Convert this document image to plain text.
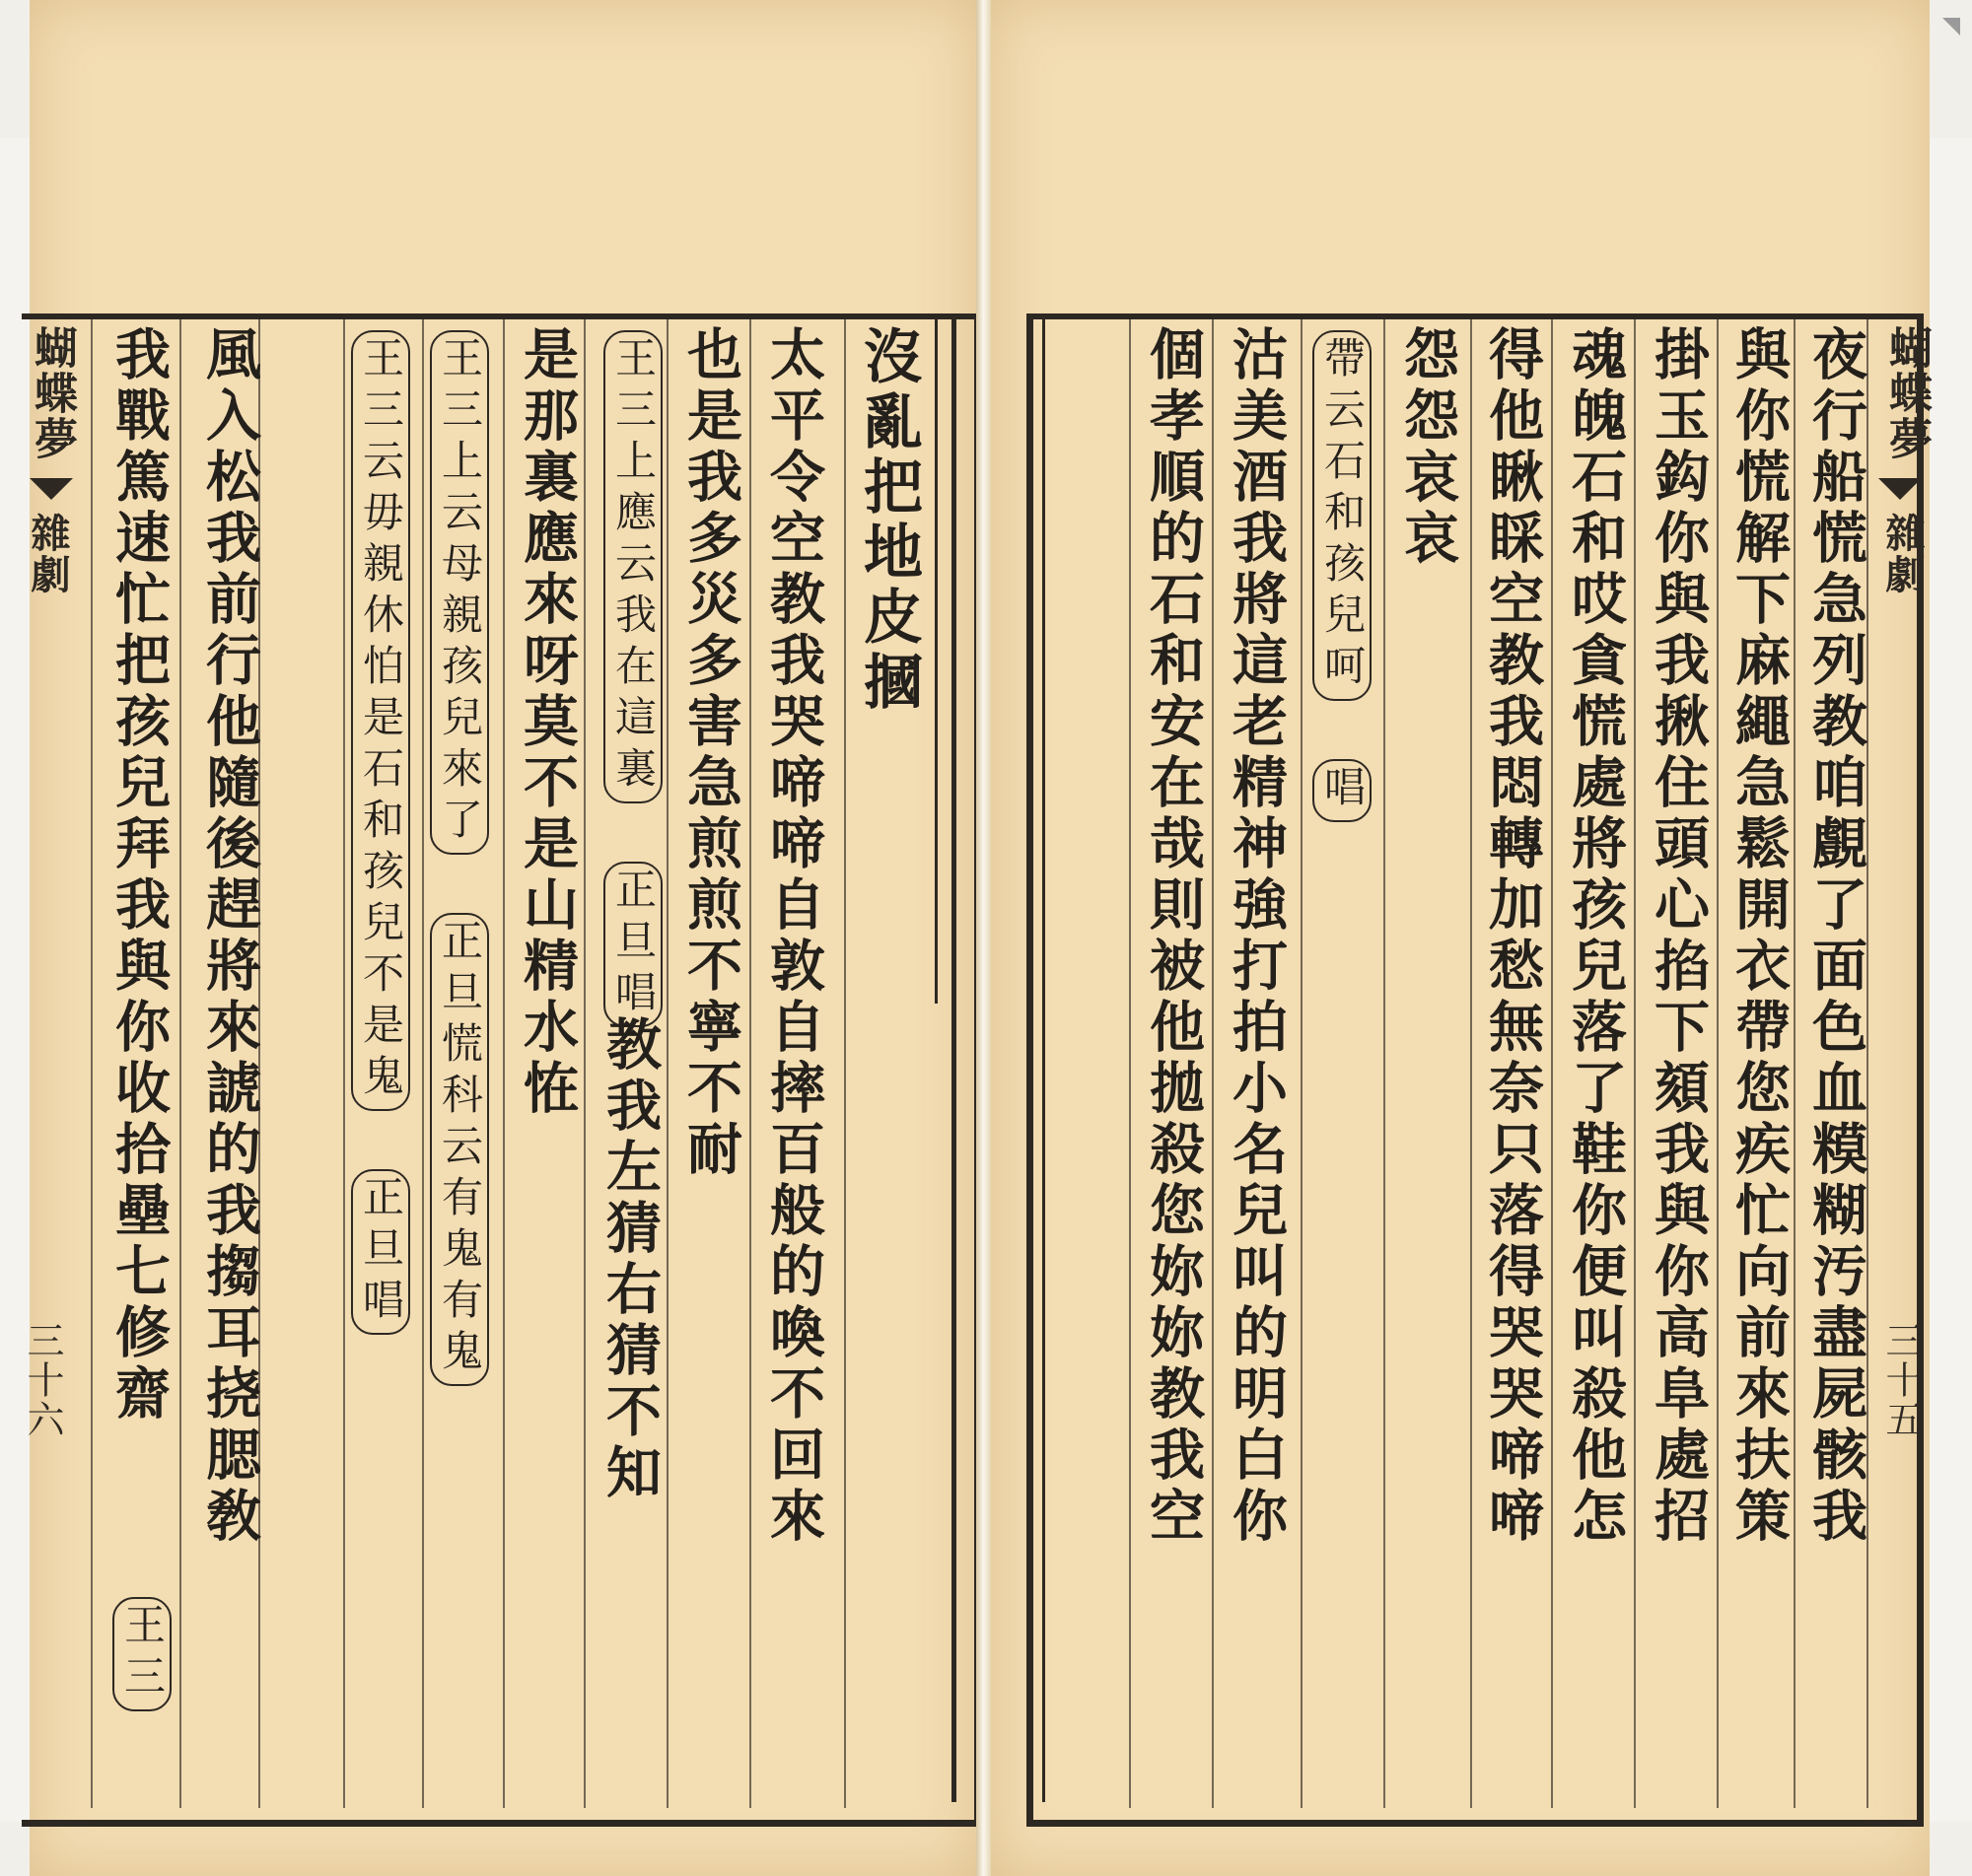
蝴蝶夢
雜劇
三十六
沒亂把地皮摑
太平令空教我哭啼啼自敦自摔百般的喚不回來
也是我多災多害急煎煎不寧不耐
王三上應云我在這裏 正旦唱
教我左猜右猜不知
是那裏應來呀莫不是山精水恠
王三上云母親孩兒來了 正旦慌科云有鬼有鬼
王三云毋親休怕是石和孩兒不是鬼 正旦唱
風入松我前行他隨後趕將來諕的我搊耳挠腮敎
我戰篤速忙把孩兒拜我與你收拾壘七修齋
王三
蝴蝶夢
雜劇
三十五
夜行船慌急列教咱覻了面色血糢糊汚盡屍骸我
與你慌解下麻繩急鬆開衣帶您疾忙向前來扶策
掛玉鈎你與我揪住頭心掐下頦我與你高阜處招
魂魄石和哎貪慌處將孩兒落了鞋你便叫殺他怎
得他瞅睬空教我悶轉加愁無奈只落得哭哭啼啼
怨怨哀哀
帶云石和孩兒呵 唱
沽美酒我將這老精神強打拍小名兒叫的明白你
個孝順的石和安在哉則被他拋殺您妳妳教我空
